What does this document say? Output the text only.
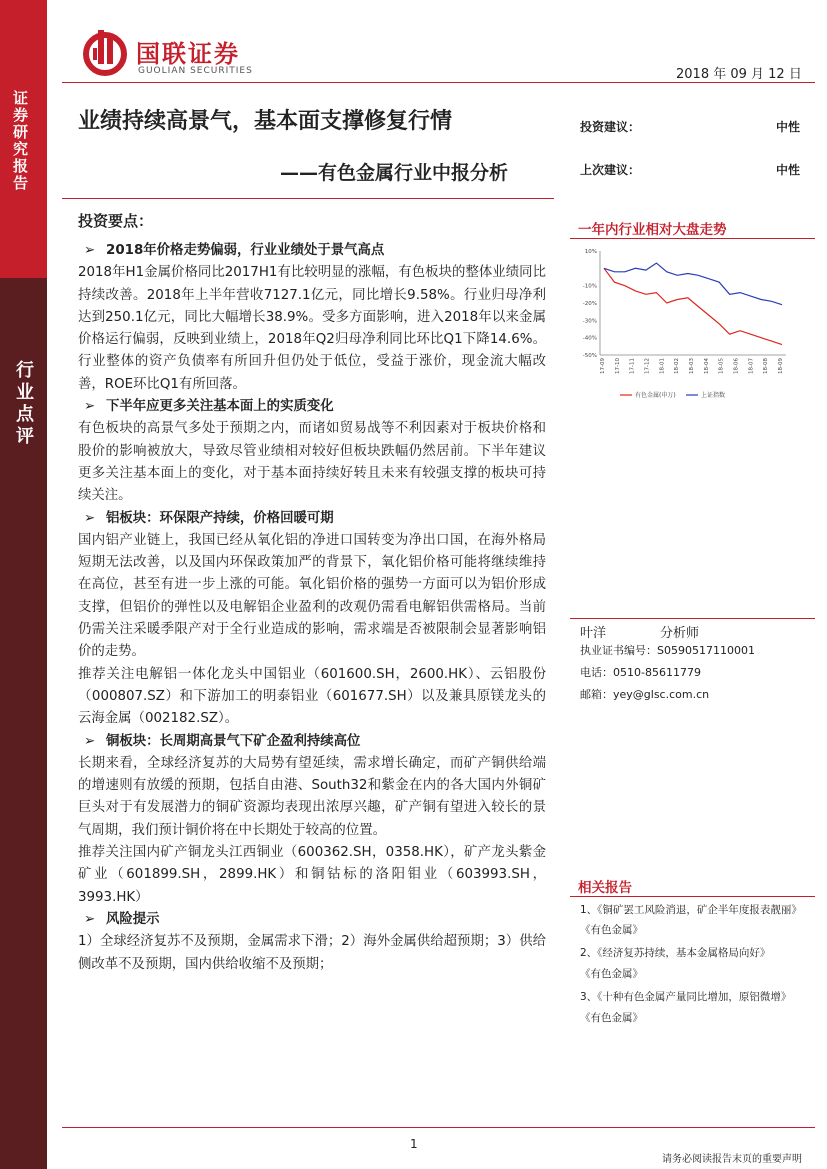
证券研究报告
行业点评
国联证券
GUOLIAN SECURITIES	2018 年 09 月 12 日
业绩持续高景气，基本面支撑修复行情
——有色金属行业中报分析
投资建议：	中性
上次建议：	中性
投资要点：

➢ 2018年价格走势偏弱，行业业绩处于景气高点

2018年H1金属价格同比2017H1有比较明显的涨幅，有色板块的整体业绩同比持续改善。2018年上半年营收7127.1亿元，同比增长9.58%。行业归母净利达到250.1亿元，同比大幅增长38.9%。受多方面影响，进入2018年以来金属价格运行偏弱，反映到业绩上，2018年Q2归母净利同比环比Q1下降14.6%。行业整体的资产负债率有所回升但仍处于低位，受益于涨价，现金流大幅改善，ROE环比Q1有所回落。

➢ 下半年应更多关注基本面上的实质变化

有色板块的高景气多处于预期之内，而诸如贸易战等不利因素对于板块价格和股价的影响被放大，导致尽管业绩相对较好但板块跌幅仍然居前。下半年建议更多关注基本面上的变化，对于基本面持续好转且未来有较强支撑的板块可持续关注。

➢ 铝板块：环保限产持续，价格回暖可期

国内铝产业链上，我国已经从氧化铝的净进口国转变为净出口国，在海外格局短期无法改善，以及国内环保政策加严的背景下，氧化铝价格可能将继续维持在高位，甚至有进一步上涨的可能。氧化铝价格的强势一方面可以为铝价形成支撑，但铝价的弹性以及电解铝企业盈利的改观仍需看电解铝供需格局。当前仍需关注采暖季限产对于全行业造成的影响，需求端是否被限制会显著影响铝价的走势。

推荐关注电解铝一体化龙头中国铝业（601600.SH，2600.HK）、云铝股份（000807.SZ）和下游加工的明泰铝业（601677.SH）以及兼具原镁龙头的云海金属（002182.SZ）。

➢ 铜板块：长周期高景气下矿企盈利持续高位

长期来看，全球经济复苏的大局势有望延续，需求增长确定，而矿产铜供给端的增速则有放缓的预期，包括自由港、South32和紫金在内的各大国内外铜矿巨头对于有发展潜力的铜矿资源均表现出浓厚兴趣，矿产铜有望进入较长的景气周期，我们预计铜价将在中长期处于较高的位置。

推荐关注国内矿产铜龙头江西铜业（600362.SH，0358.HK），矿产龙头紫金矿业（601899.SH，2899.HK）和铜钴标的洛阳钼业（603993.SH，3993.HK）

➢ 风险提示

1）全球经济复苏不及预期，金属需求下滑；2）海外金属供给超预期；3）供给侧改革不及预期，国内供给收缩不及预期；

一年内行业相对大盘走势
10%
-10%
-20%
-30%
-40%
-50%
17-09 17-10 17-11 17-12 18-01 18-02 18-03 18-04 18-05 18-06 18-07 18-08 18-09
有色金属(申万)	上证指数
叶洋	分析师
执业证书编号：S0590517110001
电话：0510-85611779
邮箱：yey@glsc.com.cn
相关报告
1、《铜矿罢工风险消退，矿企半年度报表靓丽》
《有色金属》
2、《经济复苏持续，基本金属格局向好》
《有色金属》
3、《十种有色金属产量同比增加，原铝微增》
《有色金属》
1
请务必阅读报告末页的重要声明
